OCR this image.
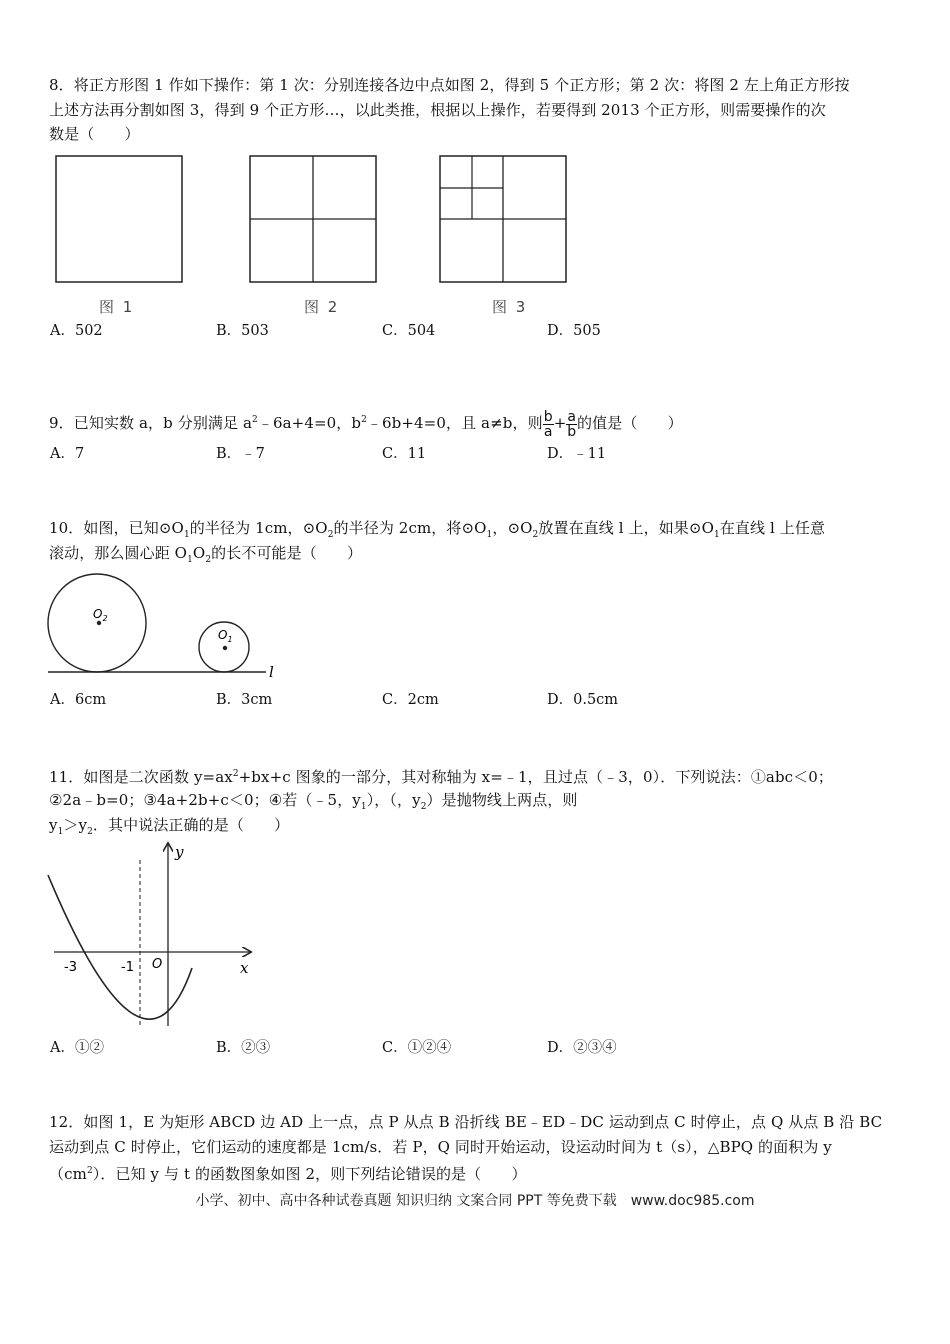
8．将正方形图 1 作如下操作：第 1 次：分别连接各边中点如图 2，得到 5 个正方形；第 2 次：将图 2 左上角正方形按
上述方法再分割如图 3，得到 9 个正方形…，以此类推，根据以上操作，若要得到 2013 个正方形，则需要操作的次
数是（　　）
图 1	图 2	图 3
A．502	B．503	C．504	D．505
9．已知实数 a，b 分别满足 $a^2﹣6a+4=0$，$b^2﹣6b+4=0$，且 a≠b，则 $\frac{b}{a} + \frac{a}{b}$ 的值是（　　）
A．7	B．﹣7	C．11	D．﹣11
10．如图，已知$⊙O_1$的半径为 1cm，$⊙O_2$的半径为 2cm，将$⊙O_1$，$⊙O_2$放置在直线 l 上，如果$⊙O_1$在直线 l 上任意
滚动，那么圆心距 $O_1O_2$的长不可能是（　　）
$O_2$
$O_1$
l
A．6cm	B．3cm	C．2cm	D．0.5cm
11．如图是二次函数 $y=ax^2+bx+c$ 图象的一部分，其对称轴为 x=﹣1，且过点（﹣3，0）．下列说法：①abc＜0；
②2a﹣b=0；③4a+2b+c＜0；④若（﹣5，$y_1$），（，$y_2$）是抛物线上两点，则
$y_1>y_2$．其中说法正确的是（　　）
y
x
-3	-1 O
A．①②	B．②③	C．①②④	D．②③④
12．如图 1，E 为矩形 ABCD 边 AD 上一点，点 P 从点 B 沿折线 BE﹣ED﹣DC 运动到点 C 时停止，点 Q 从点 B 沿 BC
运动到点 C 时停止，它们运动的速度都是 1cm/s．若 P，Q 同时开始运动，设运动时间为 t（s），△BPQ 的面积为 y
$(cm^2)$．已知 y 与 t 的函数图象如图 2，则下列结论错误的是（　　）
小学、初中、高中各种试卷真题 知识归纳 文案合同 PPT 等免费下载　www.doc985.com
